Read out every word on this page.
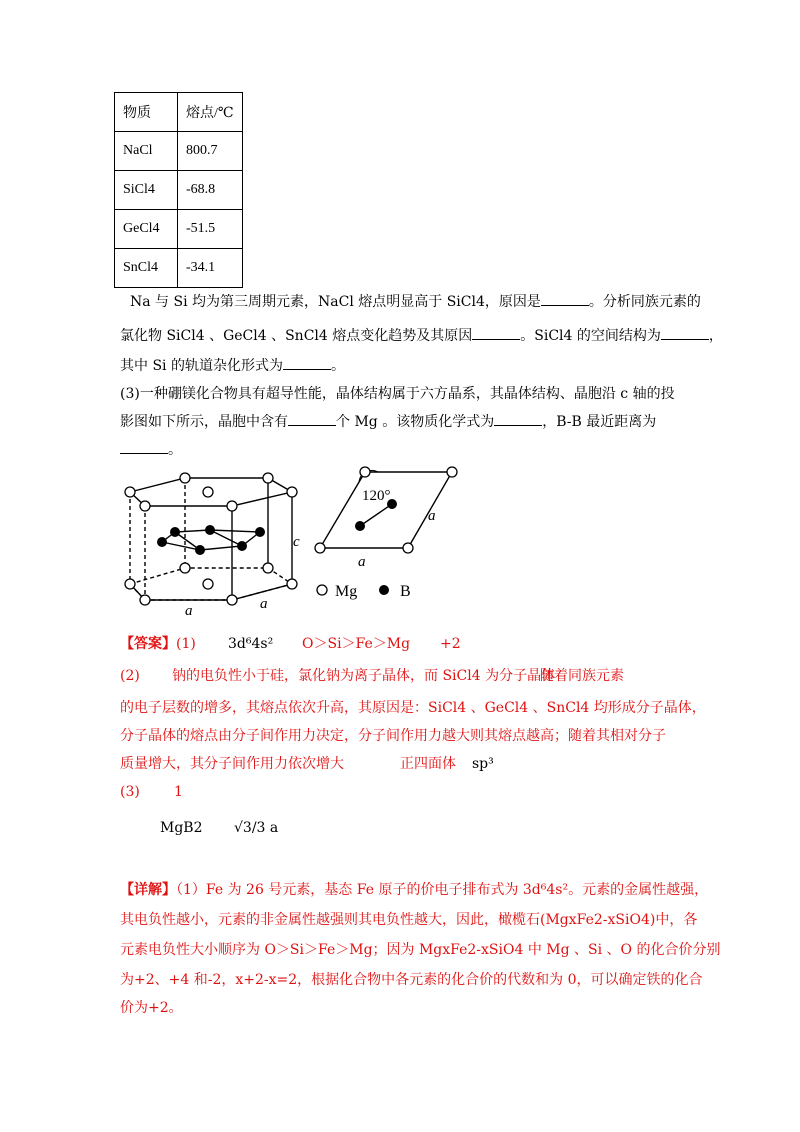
物质	熔点/℃
NaCl	800.7
SiCl4	-68.8
GeCl4	-51.5
SnCl4	-34.1
Na 与 Si 均为第三周期元素，NaCl 熔点明显高于 SiCl4，原因是	。分析同族元素的
氯化物 SiCl4 、GeCl4 、SnCl4 熔点变化趋势及其原因	。SiCl4 的空间结构为	，
其中 Si 的轨道杂化形式为	。
(3)一种硼镁化合物具有超导性能，晶体结构属于六方晶系，其晶体结构、晶胞沿 c 轴的投
影图如下所示，晶胞中含有	个 Mg 。该物质化学式为	，B-B 最近距离为
。
c
a	a
120°
a
a
Mg	B
【答案】(1) 3d⁶4s² O＞Si＞Fe＞Mg +2
(2) 钠的电负性小于硅，氯化钠为离子晶体，而 SiCl4 为分子晶体
随着同族元素
的电子层数的增多，其熔点依次升高，其原因是：SiCl4 、GeCl4 、SnCl4 均形成分子晶体，
分子晶体的熔点由分子间作用力决定，分子间作用力越大则其熔点越高；随着其相对分子
质量增大，其分子间作用力依次增大	正四面体 sp³
(3) 1
MgB2 √3/3 a
【详解】（1）Fe 为 26 号元素，基态 Fe 原子的价电子排布式为 3d⁶4s²。元素的金属性越强，
其电负性越小，元素的非金属性越强则其电负性越大，因此，橄榄石(MgxFe2-xSiO4)中，各
元素电负性大小顺序为 O＞Si＞Fe＞Mg；因为 MgxFe2-xSiO4 中 Mg 、Si 、O 的化合价分别
为+2、+4 和-2，x+2-x=2，根据化合物中各元素的化合价的代数和为 0，可以确定铁的化合
价为+2。
